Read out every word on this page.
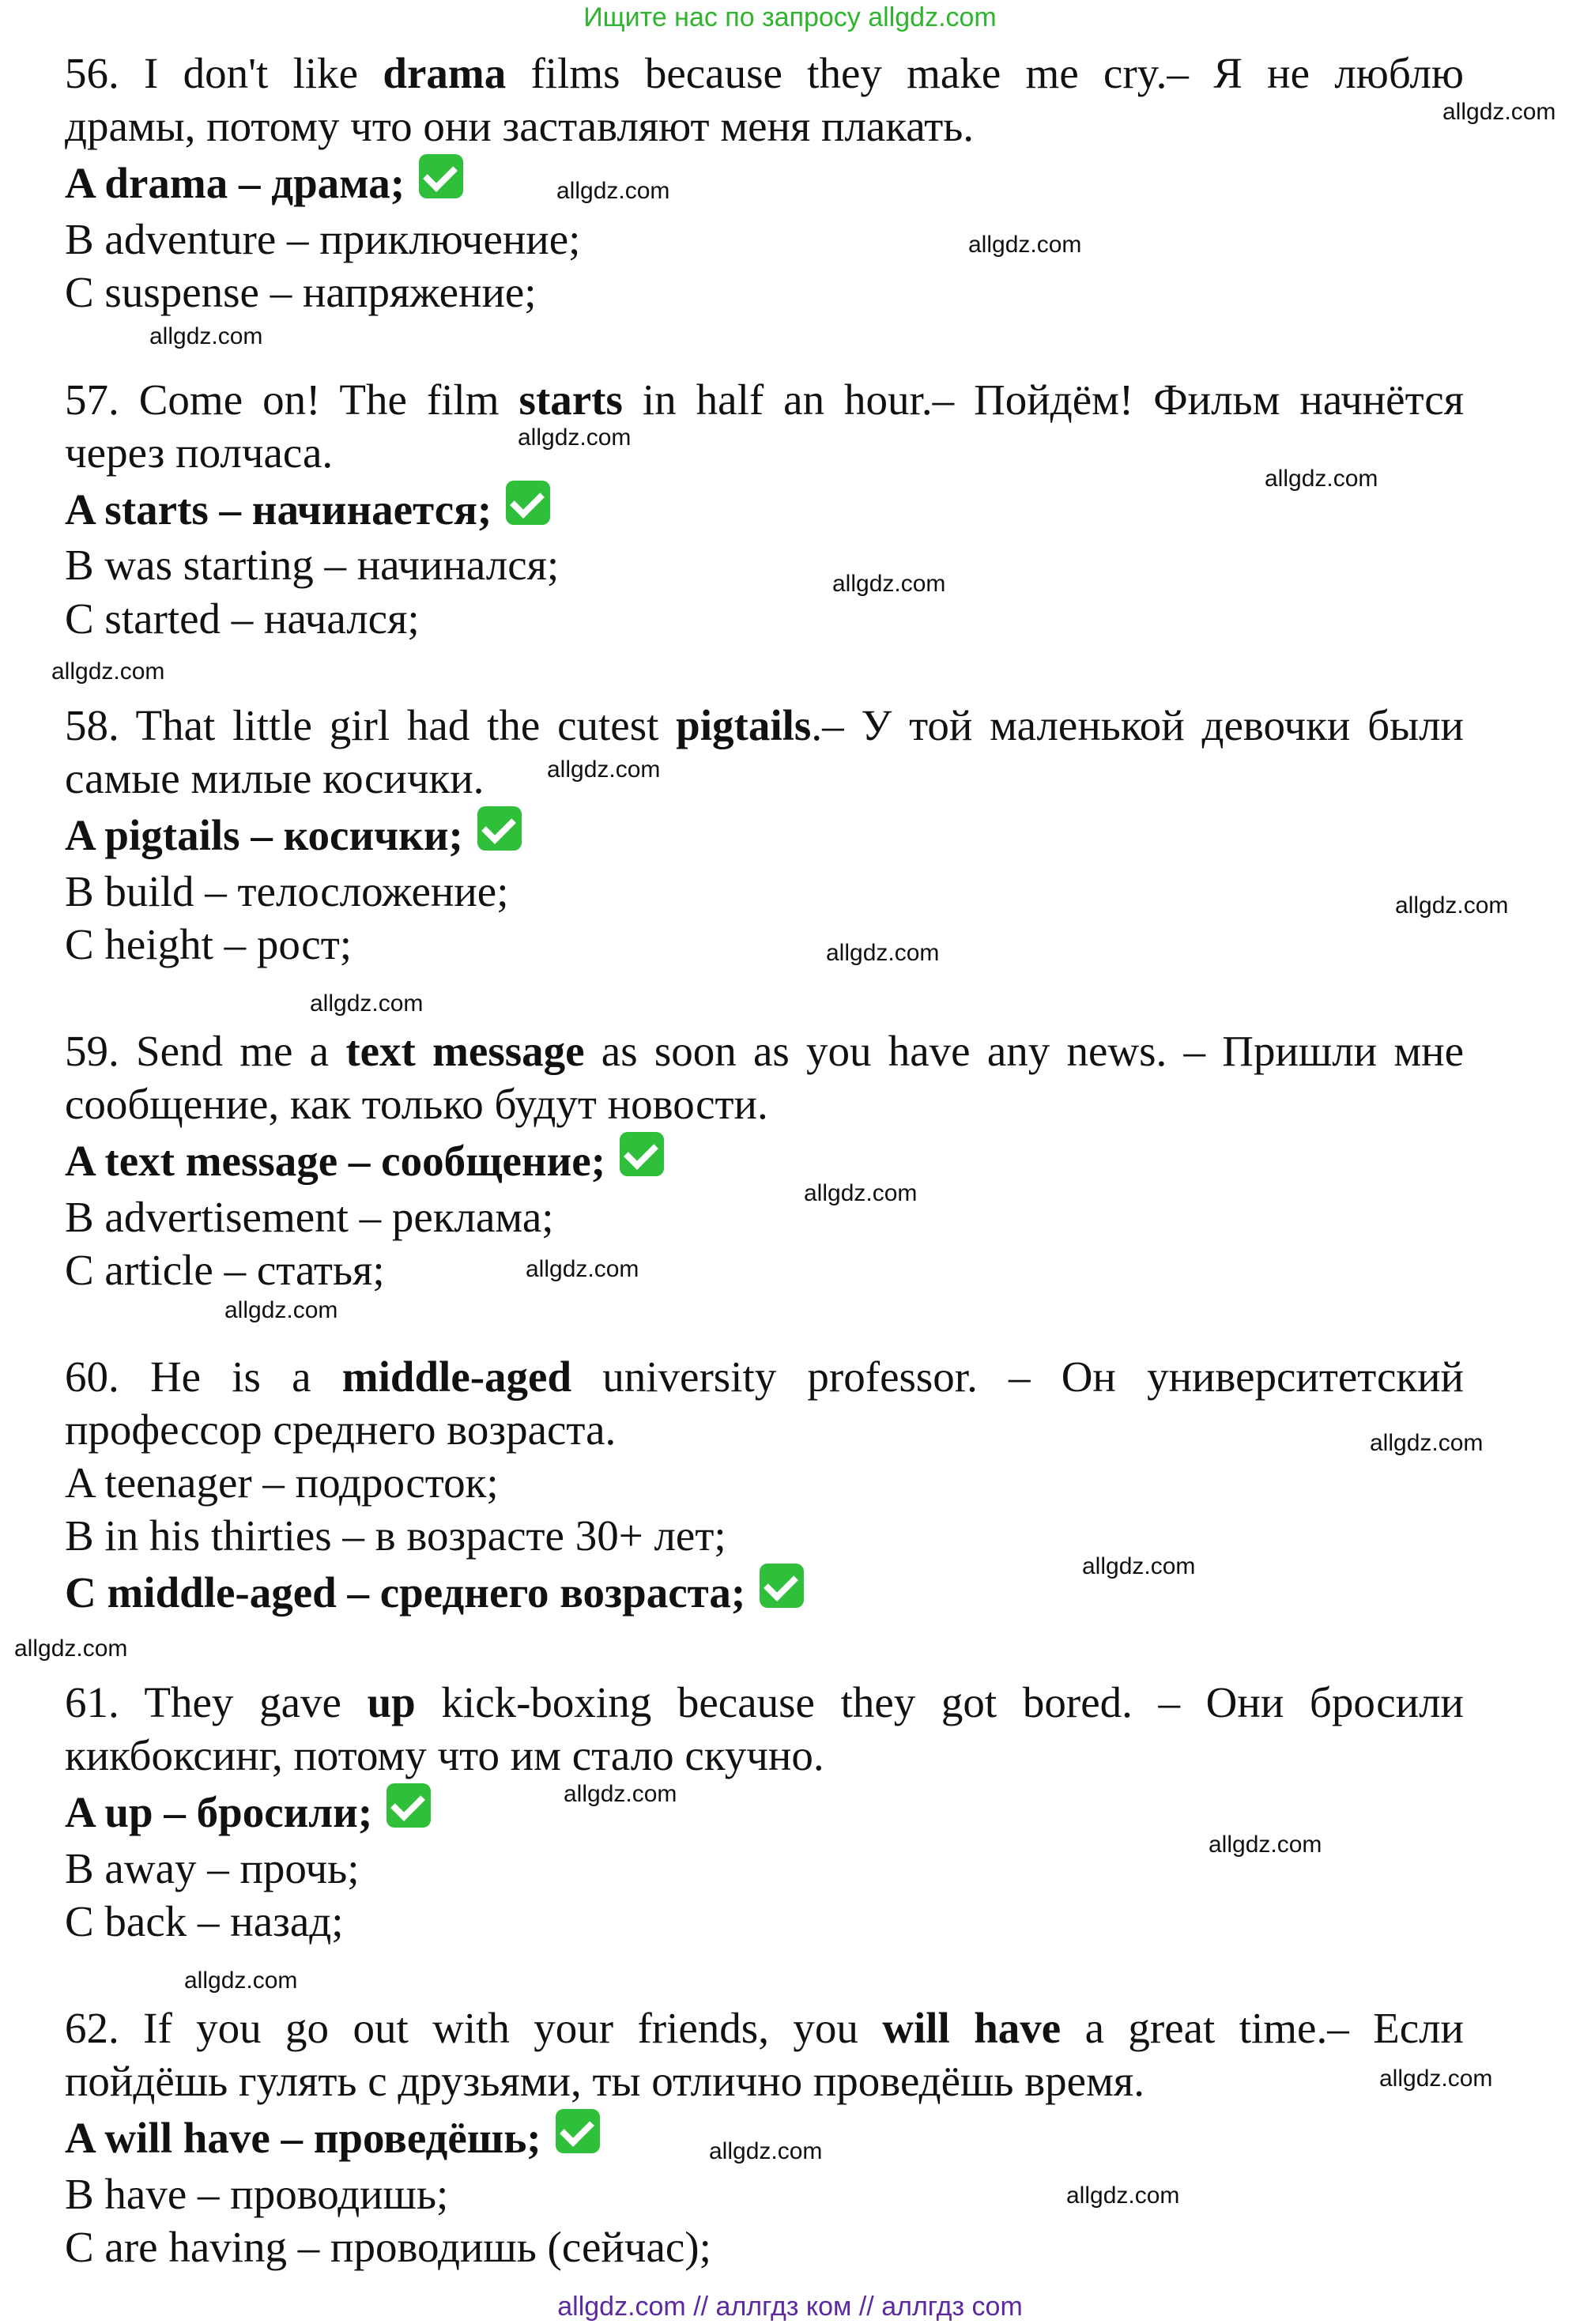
Ищите нас по запросу allgdz.com
56. I don't like drama films because they make me cry.– Я не люблю
драмы, потому что они заставляют меня плакать.
A drama – драма;
B adventure – приключение;
C suspense – напряжение;
57. Come on! The film starts in half an hour.– Пойдём! Фильм начнётся
через полчаса.
A starts – начинается;
B was starting – начинался;
C started – начался;
58. That little girl had the cutest pigtails.– У той маленькой девочки были
самые милые косички.
A pigtails – косички;
B build – телосложение;
C height – рост;
59. Send me a text message as soon as you have any news. – Пришли мне
сообщение, как только будут новости.
A text message – сообщение;
B advertisement – реклама;
C article – статья;
60. He is a middle-aged university professor. – Он университетский
профессор среднего возраста.
A teenager – подросток;
B in his thirties – в возрасте 30+ лет;
C middle-aged – среднего возраста;
61. They gave up kick-boxing because they got bored. – Они бросили
кикбоксинг, потому что им стало скучно.
A up – бросили;
B away – прочь;
C back – назад;
62. If you go out with your friends, you will have a great time.– Если
пойдёшь гулять с друзьями, ты отлично проведёшь время.
A will have – проведёшь;
B have – проводишь;
C are having – проводишь (сейчас);
allgdz.com
allgdz.com
allgdz.com
allgdz.com
allgdz.com
allgdz.com
allgdz.com
allgdz.com
allgdz.com
allgdz.com
allgdz.com
allgdz.com
allgdz.com
allgdz.com
allgdz.com
allgdz.com
allgdz.com
allgdz.com
allgdz.com
allgdz.com
allgdz.com
allgdz.com
allgdz.com
allgdz.com
allgdz.com // аллгдз ком // аллгдз com
